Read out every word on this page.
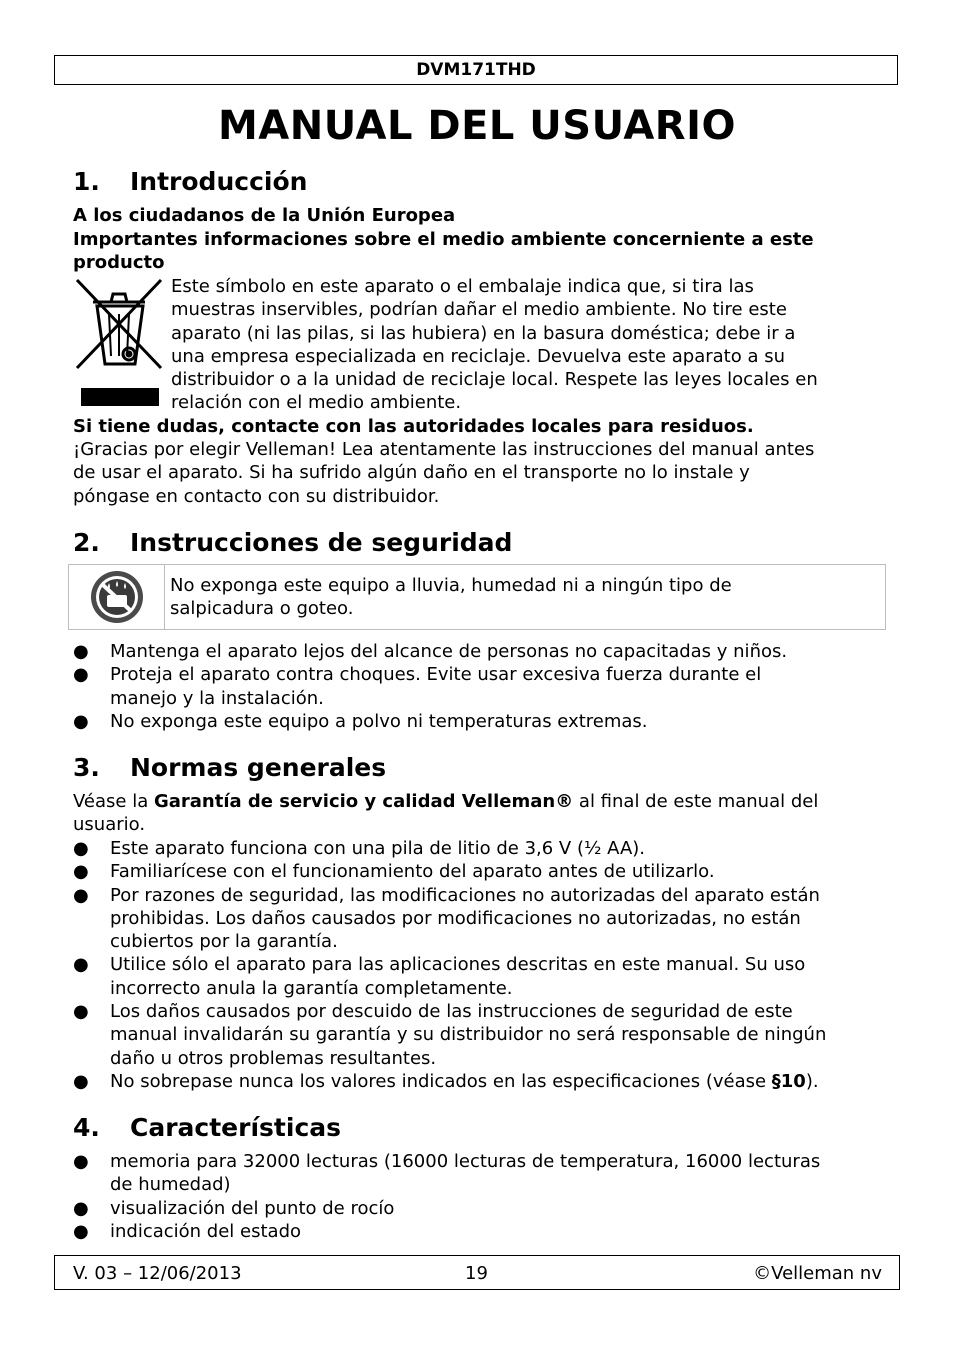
DVM171THD
MANUAL DEL USUARIO
1. Introducción
A los ciudadanos de la Unión Europea
Importantes informaciones sobre el medio ambiente concerniente a este
producto
Este símbolo en este aparato o el embalaje indica que, si tira las
muestras inservibles, podrían dañar el medio ambiente. No tire este
aparato (ni las pilas, si las hubiera) en la basura doméstica; debe ir a
una empresa especializada en reciclaje. Devuelva este aparato a su
distribuidor o a la unidad de reciclaje local. Respete las leyes locales en
relación con el medio ambiente.
Si tiene dudas, contacte con las autoridades locales para residuos.
¡Gracias por elegir Velleman! Lea atentamente las instrucciones del manual antes
de usar el aparato. Si ha sufrido algún daño en el transporte no lo instale y
póngase en contacto con su distribuidor.
2. Instrucciones de seguridad
No exponga este equipo a lluvia, humedad ni a ningún tipo de
salpicadura o goteo.
● Mantenga el aparato lejos del alcance de personas no capacitadas y niños.
● Proteja el aparato contra choques. Evite usar excesiva fuerza durante el
manejo y la instalación.
● No exponga este equipo a polvo ni temperaturas extremas.
3. Normas generales
Véase la Garantía de servicio y calidad Velleman® al final de este manual del
usuario.
● Este aparato funciona con una pila de litio de 3,6 V (½ AA).
● Familiarícese con el funcionamiento del aparato antes de utilizarlo.
● Por razones de seguridad, las modificaciones no autorizadas del aparato están
prohibidas. Los daños causados por modificaciones no autorizadas, no están
cubiertos por la garantía.
● Utilice sólo el aparato para las aplicaciones descritas en este manual. Su uso
incorrecto anula la garantía completamente.
● Los daños causados por descuido de las instrucciones de seguridad de este
manual invalidarán su garantía y su distribuidor no será responsable de ningún
daño u otros problemas resultantes.
● No sobrepase nunca los valores indicados en las especificaciones (véase §10).
4. Características
● memoria para 32000 lecturas (16000 lecturas de temperatura, 16000 lecturas
de humedad)
● visualización del punto de rocío
● indicación del estado
V. 03 – 12/06/2013	19	©Velleman nv
